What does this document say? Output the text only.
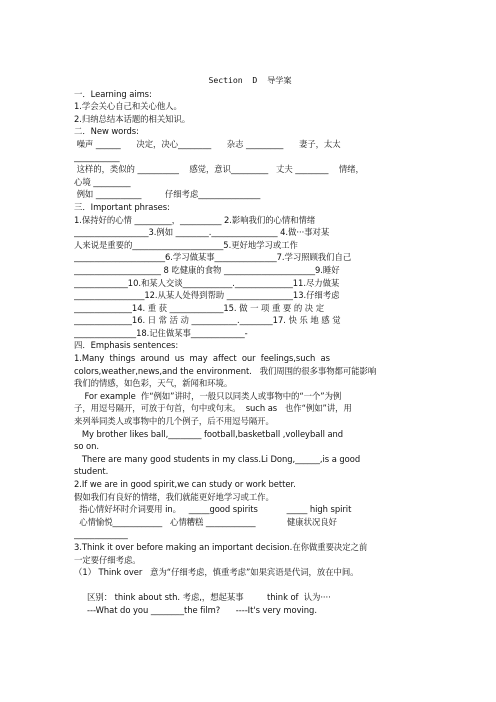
Section  D  导学案
一．Learning aims:
1.学会关心自己和关心他人。
2.归纳总结本话题的相关知识。
二．New words:
噪声 ______      决定，决心________      杂志 _________      妻子，太太
___________
这样的，类似的 __________    感觉，意识_________   丈夫 ________    情绪，
心境 _________
例如 ___________         仔细考虑_______________
三．Important phrases:
1.保持好的心情 _________，__________ 2.影响我们的心情和情绪
__________________3.例如 ________.________________ 4.做···事对某
人来说是重要的______________________5.更好地学习或工作
______________________6.学习做某事_______________7.学习照顾我们自己
_____________________ 8 吃健康的食物 ______________________9.睡好
_____________10.和某人交谈____________.______________11.尽力做某
_________________12.从某人处得到帮助 ________________13.仔细考虑
______________14. 重 获 _____________15. 做 一 项 重 要 的 决 定
______________16. 日 常 活 动 ___________.________17. 快 乐 地 感 觉
_______________18.记住做某事_____________-
四．Emphasis sentences:
1.Many  things  around  us  may  affect  our  feelings,such  as
colors,weather,news,and the environment.   我们周围的很多事物都可能影响
我们的情感，如色彩，天气，新闻和环境。
For example  作“例如”讲时，一般只以同类人或事物中的“一个”为例
子，用逗号隔开，可放于句首，句中或句末。  such as   也作“例如”讲，用
来列举同类人或事物中的几个例子，后不用逗号隔开。
My brother likes ball,________ football,basketball ,volleyball and
so on.
There are many good students in my class.Li Dong,______,is a good
student.
2.If we are in good spirit,we can study or work better.
假如我们有良好的情绪，我们就能更好地学习或工作。
指心情好坏时介词要用 in。   _____good spirits           _____ high spirit
心情愉悦____________   心情糟糕 ____________            健康状况良好
_____________
3.Think it over before making an important decision.在你做重要决定之前
一定要仔细考虑。
（1） Think over   意为“仔细考虑，慎重考虑”如果宾语是代词，放在中间。

区别： think about sth. 考虑,，想起某事         think of  认为····
---What do you ________the film?      ----It's very moving.
